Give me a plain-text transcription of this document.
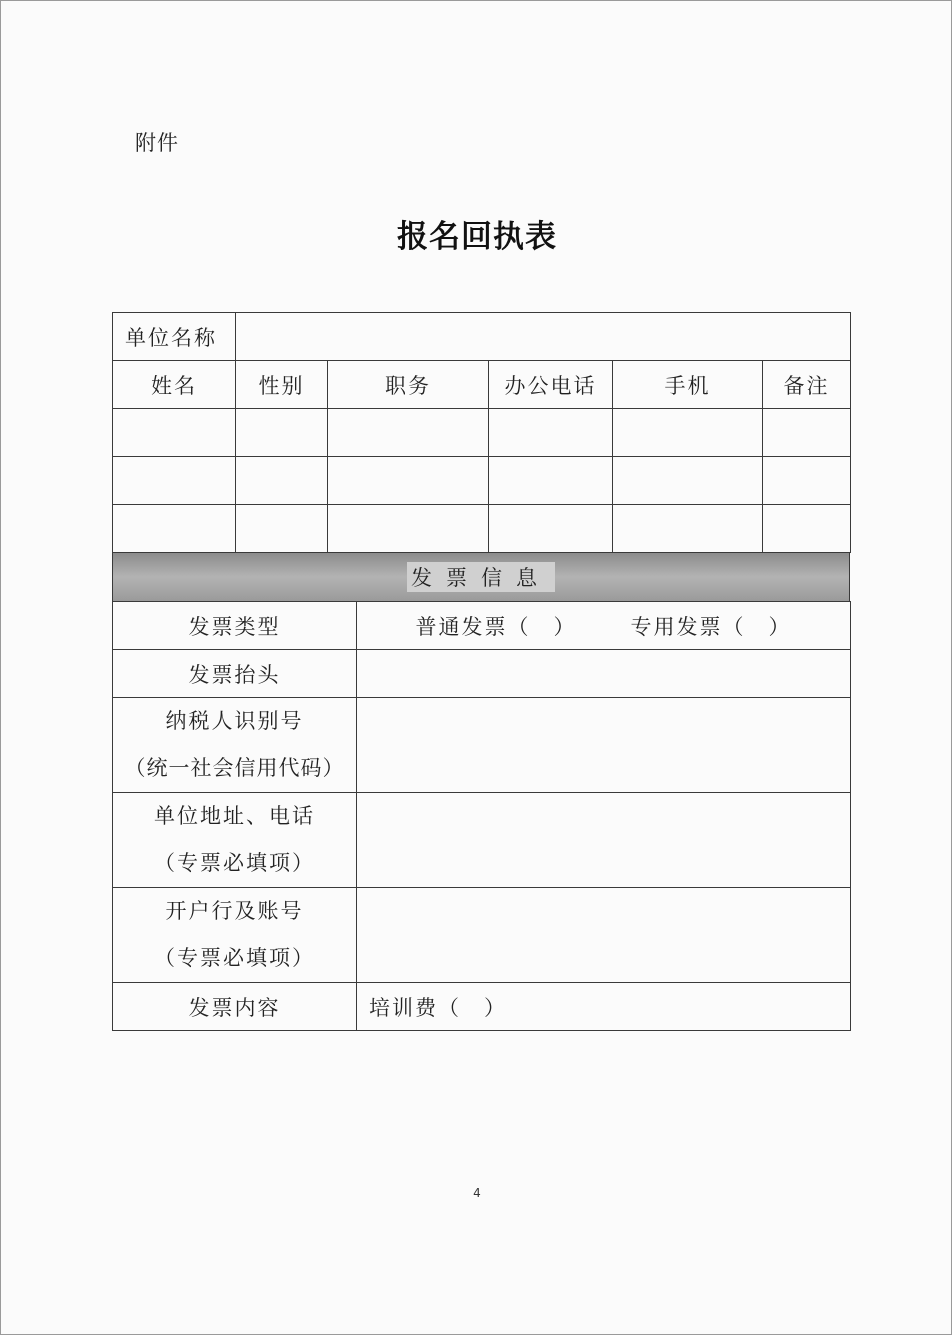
附件
报名回执表
单位名称					
姓名	性别	职务	办公电话	手机	备注

发票信息
发票类型	普通发票（　） 专用发票（　）

发票抬头	

纳税人识别号
（统一社会信用代码）	

单位地址、电话
（专票必填项）	

开户行及账号
（专票必填项）	

发票内容	培训费（　）
4
